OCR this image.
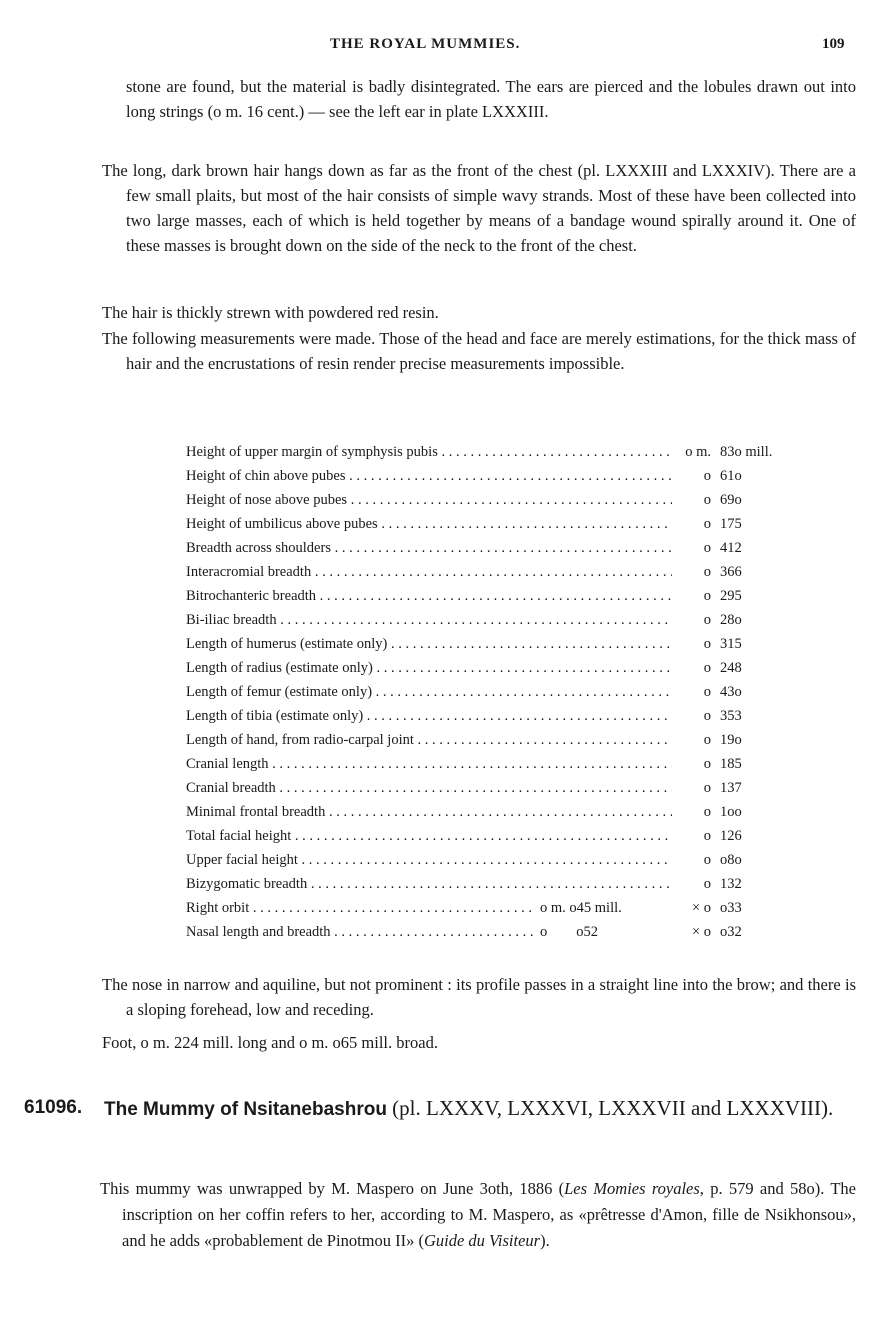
THE ROYAL MUMMIES.	109

stone are found, but the material is badly disintegrated. The ears are pierced and the lobules drawn out into long strings (o m. 16 cent.) — see the left ear in plate LXXXIII.

The long, dark brown hair hangs down as far as the front of the chest (pl. LXXXIII and LXXXIV). There are a few small plaits, but most of the hair consists of simple wavy strands. Most of these have been collected into two large masses, each of which is held together by means of a bandage wound spirally around it. One of these masses is brought down on the side of the neck to the front of the chest.

The hair is thickly strewn with powdered red resin.

The following measurements were made. Those of the head and face are merely estimations, for the thick mass of hair and the encrustations of resin render precise measurements impossible.

Height of upper margin of symphysis pubis . . .	o m. 83o mill.
Height of chin above pubes . . .	o 61o
Height of nose above pubes . . .	o 69o
Height of umbilicus above pubes . . .	o 175
Breadth across shoulders . . .	o 412
Interacromial breadth . . .	o 366
Bitrochanteric breadth . . .	o 295
Bi-iliac breadth . . .	o 28o
Length of humerus (estimate only) . . .	o 315
Length of radius (estimate only) . . .	o 248
Length of femur (estimate only) . . .	o 43o
Length of tibia (estimate only) . . .	o 353
Length of hand, from radio-carpal joint . . .	o 19o
Cranial length . . .	o 185
Cranial breadth . . .	o 137
Minimal frontal breadth . . .	o 1oo
Total facial height . . .	o 126
Upper facial height . . .	o o8o
Bizygomatic breadth . . .	o 132
Right orbit . . .	o m. o45 mill.	× o o33
Nasal length and breadth . . .	o        o52	× o o32

The nose in narrow and aquiline, but not prominent : its profile passes in a straight line into the brow; and there is a sloping forehead, low and receding.

Foot, o m. 224 mill. long and o m. o65 mill. broad.

61096. The Mummy of Nsitanebashrou (pl. LXXXV, LXXXVI, LXXXVII and LXXXVIII).

This mummy was unwrapped by M. Maspero on June 3oth, 1886 (Les Momies royales, p. 579 and 58o). The inscription on her coffin refers to her, according to M. Maspero, as «prêtresse d'Amon, fille de Nsikhonsou», and he adds «probablement de Pinotmou II» (Guide du Visiteur).
